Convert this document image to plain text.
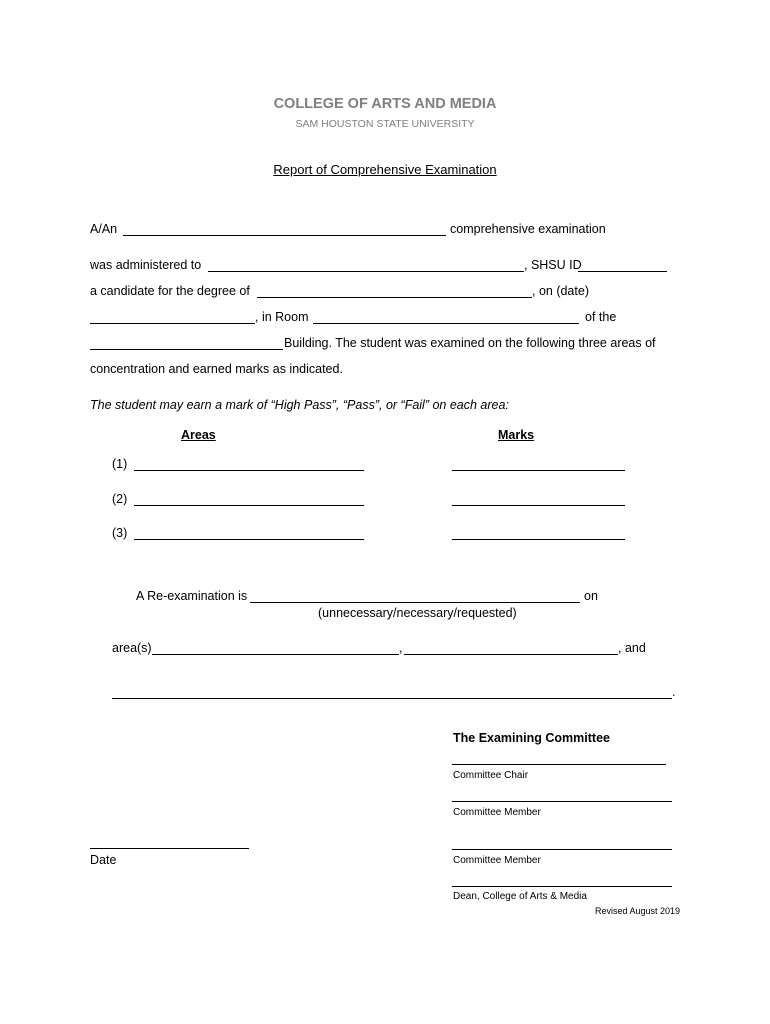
COLLEGE OF ARTS AND MEDIA
SAM HOUSTON STATE UNIVERSITY
Report of Comprehensive Examination
A/An	comprehensive examination
was administered to	, SHSU ID
a candidate for the degree of	, on (date)
, in Room	of the
Building. The student was examined on the following three areas of
concentration and earned marks as indicated.
The student may earn a mark of “High Pass”, “Pass”, or “Fail” on each area:
Areas	Marks
(1)
(2)
(3)
A Re-examination is	on
(unnecessary/necessary/requested)
area(s)	,	, and
.
The Examining Committee
Committee Chair
Committee Member
Date	Committee Member
Dean, College of Arts & Media
Revised August 2019
